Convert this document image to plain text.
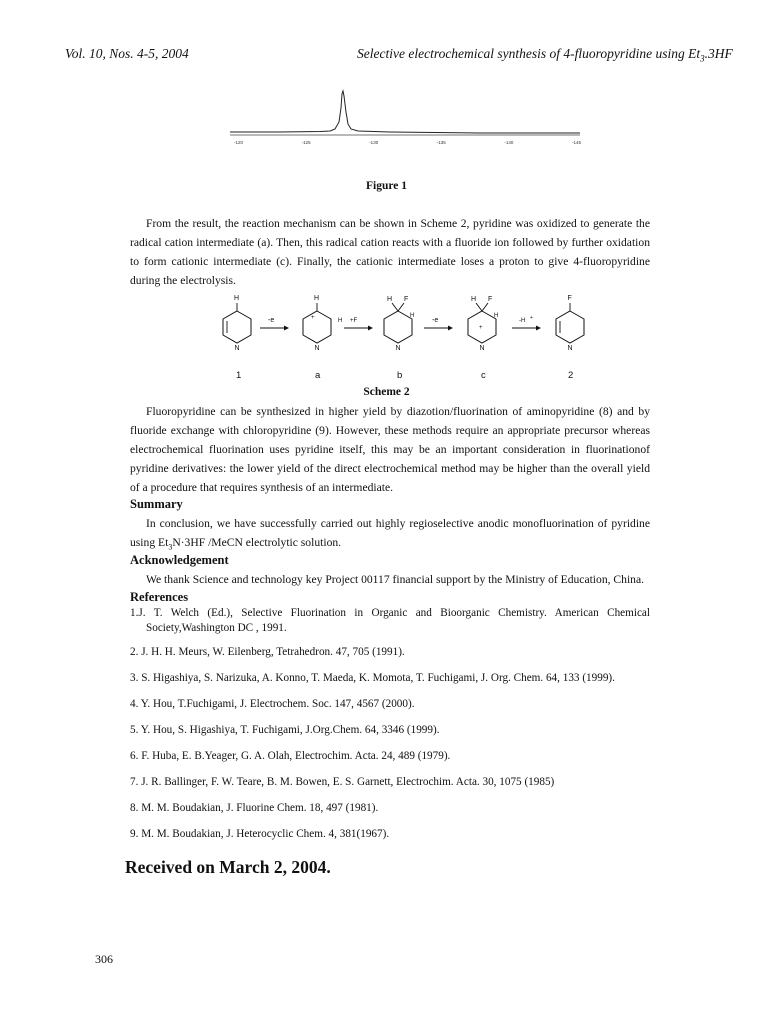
Vol. 10, Nos. 4-5, 2004	Selective electrochemical synthesis of 4-fluoropyridine using $Et_3.3HF$
-120	-125	-130	-135	-140	-145
Figure 1

From the result, the reaction mechanism can be shown in Scheme 2, pyridine was oxidized to generate the radical cation intermediate (a). Then, this radical cation reacts with a fluoride ion followed by further oxidation to form cationic intermediate (c). Finally, the cationic intermediate loses a proton to give 4-fluoropyridine during the electrolysis.

H
N
-e
H
+
N
H +F
H F
H
N
-e
H F
H
+
N
-H +
F
N
1	a	b	c	2
Scheme 2

Fluoropyridine can be synthesized in higher yield by diazotion/fluorination of aminopyridine (8) and by fluoride exchange with chloropyridine (9). However, these methods require an appropriate precursor whereas electrochemical fluorination uses pyridine itself, this may be an important consideration in fluorinationof pyridine derivatives: the lower yield of the direct electrochemical method may be higher than the overall yield of a procedure that requires synthesis of an intermediate.

Summary

In conclusion, we have successfully carried out highly regioselective anodic monofluorination of pyridine using $Et_3N\cdot 3HF$ /MeCN electrolytic solution.

Acknowledgement

We thank Science and technology key Project 00117 financial support by the Ministry of Education, China.

References
1.J. T. Welch (Ed.), Selective Fluorination in Organic and Bioorganic Chemistry. American Chemical Society,Washington DC , 1991.
2. J. H. H. Meurs, W. Eilenberg, Tetrahedron. 47, 705 (1991).
3. S. Higashiya, S. Narizuka, A. Konno, T. Maeda, K. Momota, T. Fuchigami, J. Org. Chem. 64, 133 (1999).
4. Y. Hou, T.Fuchigami, J. Electrochem. Soc. 147, 4567 (2000).
5. Y. Hou, S. Higashiya, T. Fuchigami, J.Org.Chem. 64, 3346 (1999).
6. F. Huba, E. B.Yeager, G. A. Olah, Electrochim. Acta. 24, 489 (1979).
7. J. R. Ballinger, F. W. Teare, B. M. Bowen, E. S. Garnett, Electrochim. Acta. 30, 1075 (1985)
8. M. M. Boudakian, J. Fluorine Chem. 18, 497 (1981).
9. M. M. Boudakian, J. Heterocyclic Chem. 4, 381(1967).
Received on March 2, 2004.
306
